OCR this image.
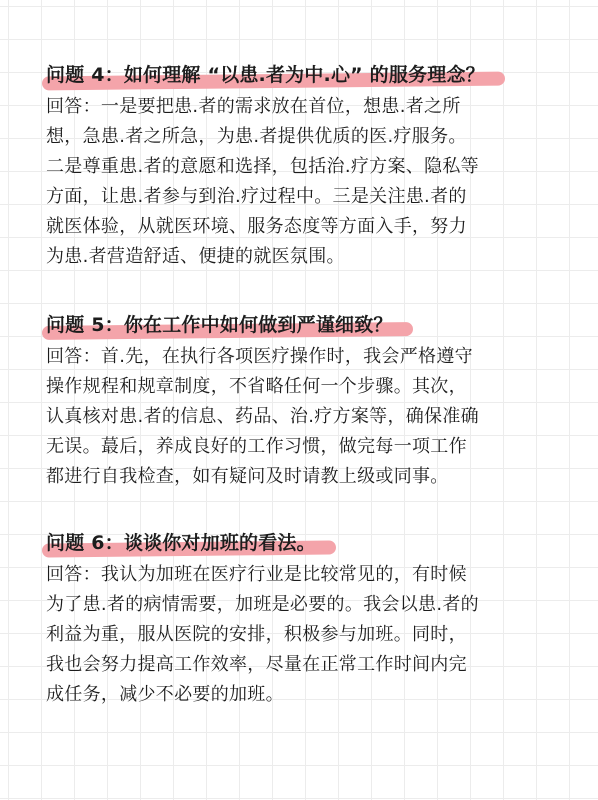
问题 4：如何理解 “以患.者为中.心” 的服务理念？
回答：一是要把患.者的需求放在首位，想患.者之所
想，急患.者之所急，为患.者提供优质的医.疗服务。
二是尊重患.者的意愿和选择，包括治.疗方案、隐私等
方面，让患.者参与到治.疗过程中。三是关注患.者的
就医体验，从就医环境、服务态度等方面入手，努力
为患.者营造舒适、便捷的就医氛围。
问题 5：你在工作中如何做到严谨细致？
回答：首.先，在执行各项医疗操作时，我会严格遵守
操作规程和规章制度，不省略任何一个步骤。其次，
认真核对患.者的信息、药品、治.疗方案等，确保准确
无误。蕞后，养成良好的工作习惯，做完每一项工作
都进行自我检查，如有疑问及时请教上级或同事。
问题 6：谈谈你对加班的看法。
回答：我认为加班在医疗行业是比较常见的，有时候
为了患.者的病情需要，加班是必要的。我会以患.者的
利益为重，服从医院的安排，积极参与加班。同时，
我也会努力提高工作效率，尽量在正常工作时间内完
成任务，减少不必要的加班。
